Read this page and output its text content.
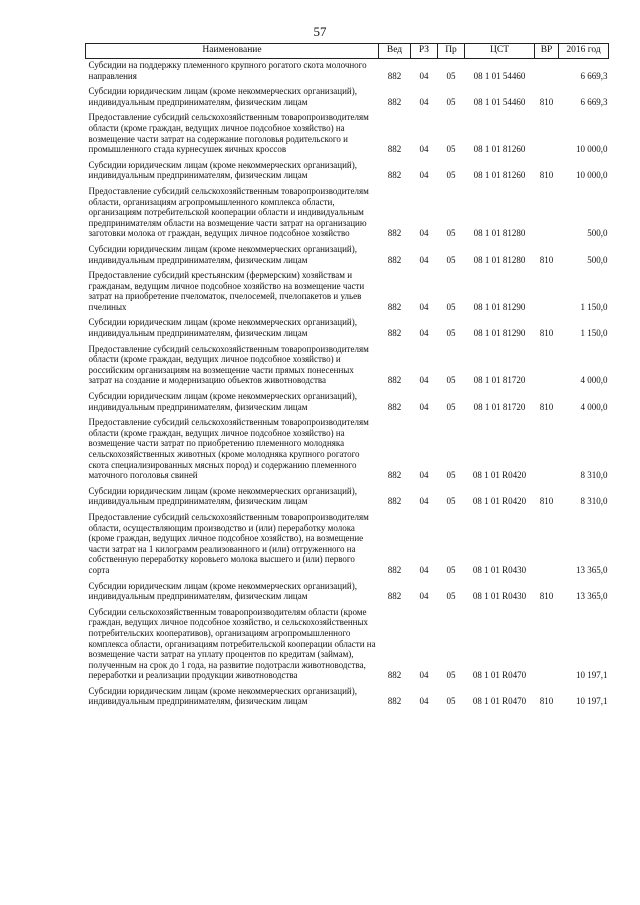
57
Наименование	Вед	РЗ	Пр	ЦСТ	ВР	2016 год
Субсидии на поддержку племенного крупного рогатого скота молочного направления	882	04	05	08 1 01 54460		6 669,3
Субсидии юридическим лицам (кроме некоммерческих организаций), индивидуальным предпринимателям, физическим лицам	882	04	05	08 1 01 54460	810	6 669,3
Предоставление субсидий сельскохозяйственным товаропроизводителям области (кроме граждан, ведущих личное подсобное хозяйство) на возмещение части затрат на содержание поголовья родительского и промышленного стада курнесушек яичных кроссов	882	04	05	08 1 01 81260		10 000,0
Субсидии юридическим лицам (кроме некоммерческих организаций), индивидуальным предпринимателям, физическим лицам	882	04	05	08 1 01 81260	810	10 000,0
Предоставление субсидий сельскохозяйственным товаропроизводителям области, организациям агропромышленного комплекса области, организациям потребительской кооперации области и индивидуальным предпринимателям области на возмещение части затрат на организацию заготовки молока от граждан, ведущих личное подсобное хозяйство	882	04	05	08 1 01 81280		500,0
Субсидии юридическим лицам (кроме некоммерческих организаций), индивидуальным предпринимателям, физическим лицам	882	04	05	08 1 01 81280	810	500,0
Предоставление субсидий крестьянским (фермерским) хозяйствам и гражданам, ведущим личное подсобное хозяйство на возмещение части затрат на приобретение пчеломаток, пчелосемей, пчелопакетов и ульев пчелиных	882	04	05	08 1 01 81290		1 150,0
Субсидии юридическим лицам (кроме некоммерческих организаций), индивидуальным предпринимателям, физическим лицам	882	04	05	08 1 01 81290	810	1 150,0
Предоставление субсидий сельскохозяйственным товаропроизводителям области (кроме граждан, ведущих личное подсобное хозяйство) и российским организациям на возмещение части прямых понесенных затрат на создание и модернизацию объектов животноводства	882	04	05	08 1 01 81720		4 000,0
Субсидии юридическим лицам (кроме некоммерческих организаций), индивидуальным предпринимателям, физическим лицам	882	04	05	08 1 01 81720	810	4 000,0
Предоставление субсидий сельскохозяйственным товаропроизводителям области (кроме граждан, ведущих личное подсобное хозяйство) на возмещение части затрат по приобретению племенного молодняка сельскохозяйственных животных (кроме молодняка крупного рогатого скота специализированных мясных пород) и содержанию племенного маточного поголовья свиней	882	04	05	08 1 01 R0420		8 310,0
Субсидии юридическим лицам (кроме некоммерческих организаций), индивидуальным предпринимателям, физическим лицам	882	04	05	08 1 01 R0420	810	8 310,0
Предоставление субсидий сельскохозяйственным товаропроизводителям области, осуществляющим производство и (или) переработку молока (кроме граждан, ведущих личное подсобное хозяйство), на возмещение части затрат на 1 килограмм реализованного и (или) отгруженного на собственную переработку коровьего молока высшего и (или) первого сорта	882	04	05	08 1 01 R0430		13 365,0
Субсидии юридическим лицам (кроме некоммерческих организаций), индивидуальным предпринимателям, физическим лицам	882	04	05	08 1 01 R0430	810	13 365,0
Субсидии сельскохозяйственным товаропроизводителям области (кроме граждан, ведущих личное подсобное хозяйство, и сельскохозяйственных потребительских кооперативов), организациям агропромышленного комплекса области, организациям потребительской кооперации области на возмещение части затрат на уплату процентов по кредитам (займам), полученным на срок до 1 года, на развитие подотрасли животноводства, переработки и реализации продукции животноводства	882	04	05	08 1 01 R0470		10 197,1
Субсидии юридическим лицам (кроме некоммерческих организаций), индивидуальным предпринимателям, физическим лицам	882	04	05	08 1 01 R0470	810	10 197,1
